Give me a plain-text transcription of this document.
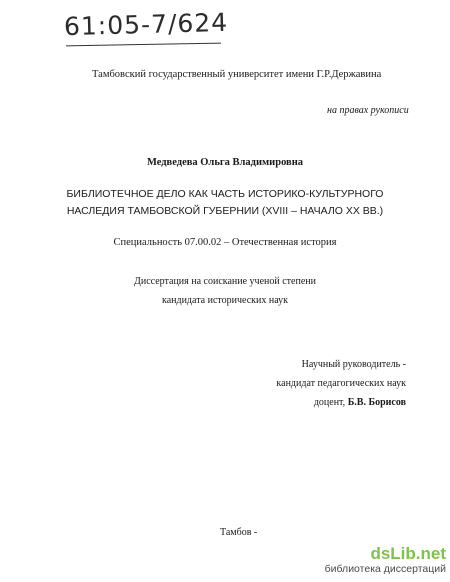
61:05-7/624
Тамбовский государственный университет имени Г.Р.Державина
на правах рукописи
Медведева Ольга Владимировна
БИБЛИОТЕЧНОЕ ДЕЛО КАК ЧАСТЬ ИСТОРИКО-КУЛЬТУРНОГО
НАСЛЕДИЯ ТАМБОВСКОЙ ГУБЕРНИИ (XVIII – НАЧАЛО XX ВВ.)
Специальность 07.00.02 – Отечественная история
Диссертация на соискание ученой степени
кандидата исторических наук
Научный руководитель -
кандидат педагогических наук
доцент, Б.В. Борисов
Тамбов -
dsLib.net
библиотека диссертаций
